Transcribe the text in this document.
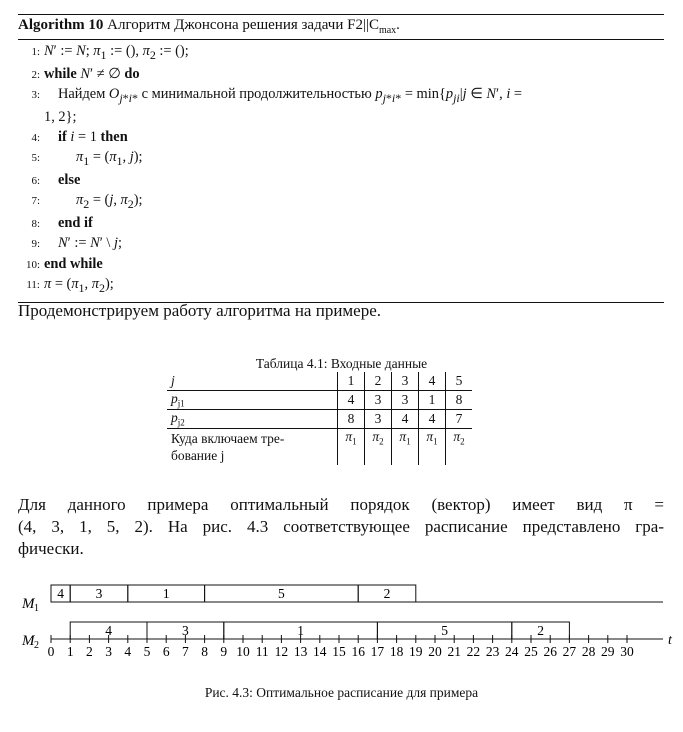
Algorithm 10 Алгоритм Джонсона решения задачи $F2||C_{max}$.
1: N′ := N; $\pi_1$ := (), $\pi_2$ := ();
2: while N′ ≠ ∅ do
3:	Найдем $O_{j*i*}$ с минимальной продолжительностью $p_{j*i*} = \min\{p_{ji}|j$ ∈ N′, i =
1, 2};
4:	if i = 1 then
5:	$\pi_1 = (\pi_1$, j);
6:	else
7:	$\pi_2 = (j$, $\pi_2$);
8:	end if
9:	N′ := N′ \ j;
10: end while
11: $\pi = (\pi_1$, $\pi_2$);
Продемонстрируем работу алгоритма на примере.
Таблица 4.1: Входные данные
j	1	2	3	4	5
$p_{j1}$	4	3	3	1	8
$p_{j2}$	8	3	4	4	7
Куда включаем тре-
бование j	$\pi_1$	$\pi_2$	$\pi_1$	$\pi_1$	$\pi_2$
Для данного примера оптимальный порядок (вектор) имеет вид π =
(4, 3, 1, 5, 2). На рис. 4.3 соответствующее расписание представлено гра-
фически.
M 1
M 2
4 3	1	5	2
4	3	1	5	2
0 1 2 3 4 5 6 7 8 9 10 11 12 13 14 15 16 17 18 19 20 21 22 23 24 25 26 27 28 29 30
t
Рис. 4.3: Оптимальное расписание для примера
